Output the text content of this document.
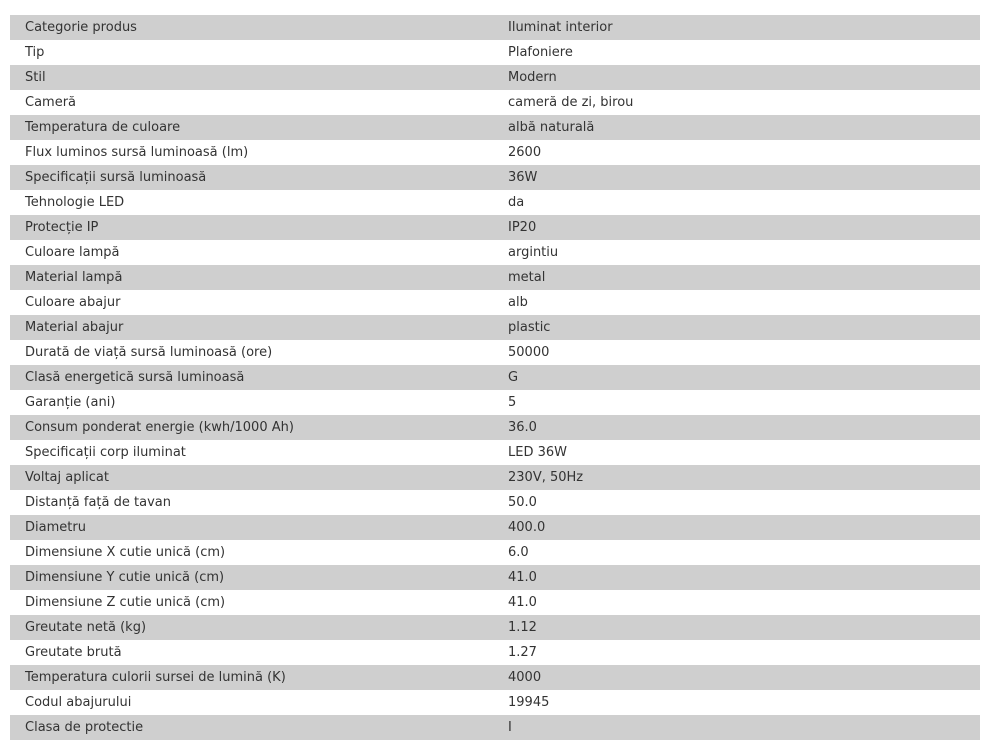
Categorie produs	Iluminat interior
Tip	Plafoniere
Stil	Modern
Cameră	cameră de zi, birou
Temperatura de culoare	albă naturală
Flux luminos sursă luminoasă (lm)	2600
Specificații sursă luminoasă	36W
Tehnologie LED	da
Protecție IP	IP20
Culoare lampă	argintiu
Material lampă	metal
Culoare abajur	alb
Material abajur	plastic
Durată de viață sursă luminoasă (ore)	50000
Clasă energetică sursă luminoasă	G
Garanție (ani)	5
Consum ponderat energie (kwh/1000 Ah)	36.0
Specificații corp iluminat	LED 36W
Voltaj aplicat	230V, 50Hz
Distanță față de tavan	50.0
Diametru	400.0
Dimensiune X cutie unică (cm)	6.0
Dimensiune Y cutie unică (cm)	41.0
Dimensiune Z cutie unică (cm)	41.0
Greutate netă (kg)	1.12
Greutate brută	1.27
Temperatura culorii sursei de lumină (K)	4000
Codul abajurului	19945
Clasa de protectie	I
